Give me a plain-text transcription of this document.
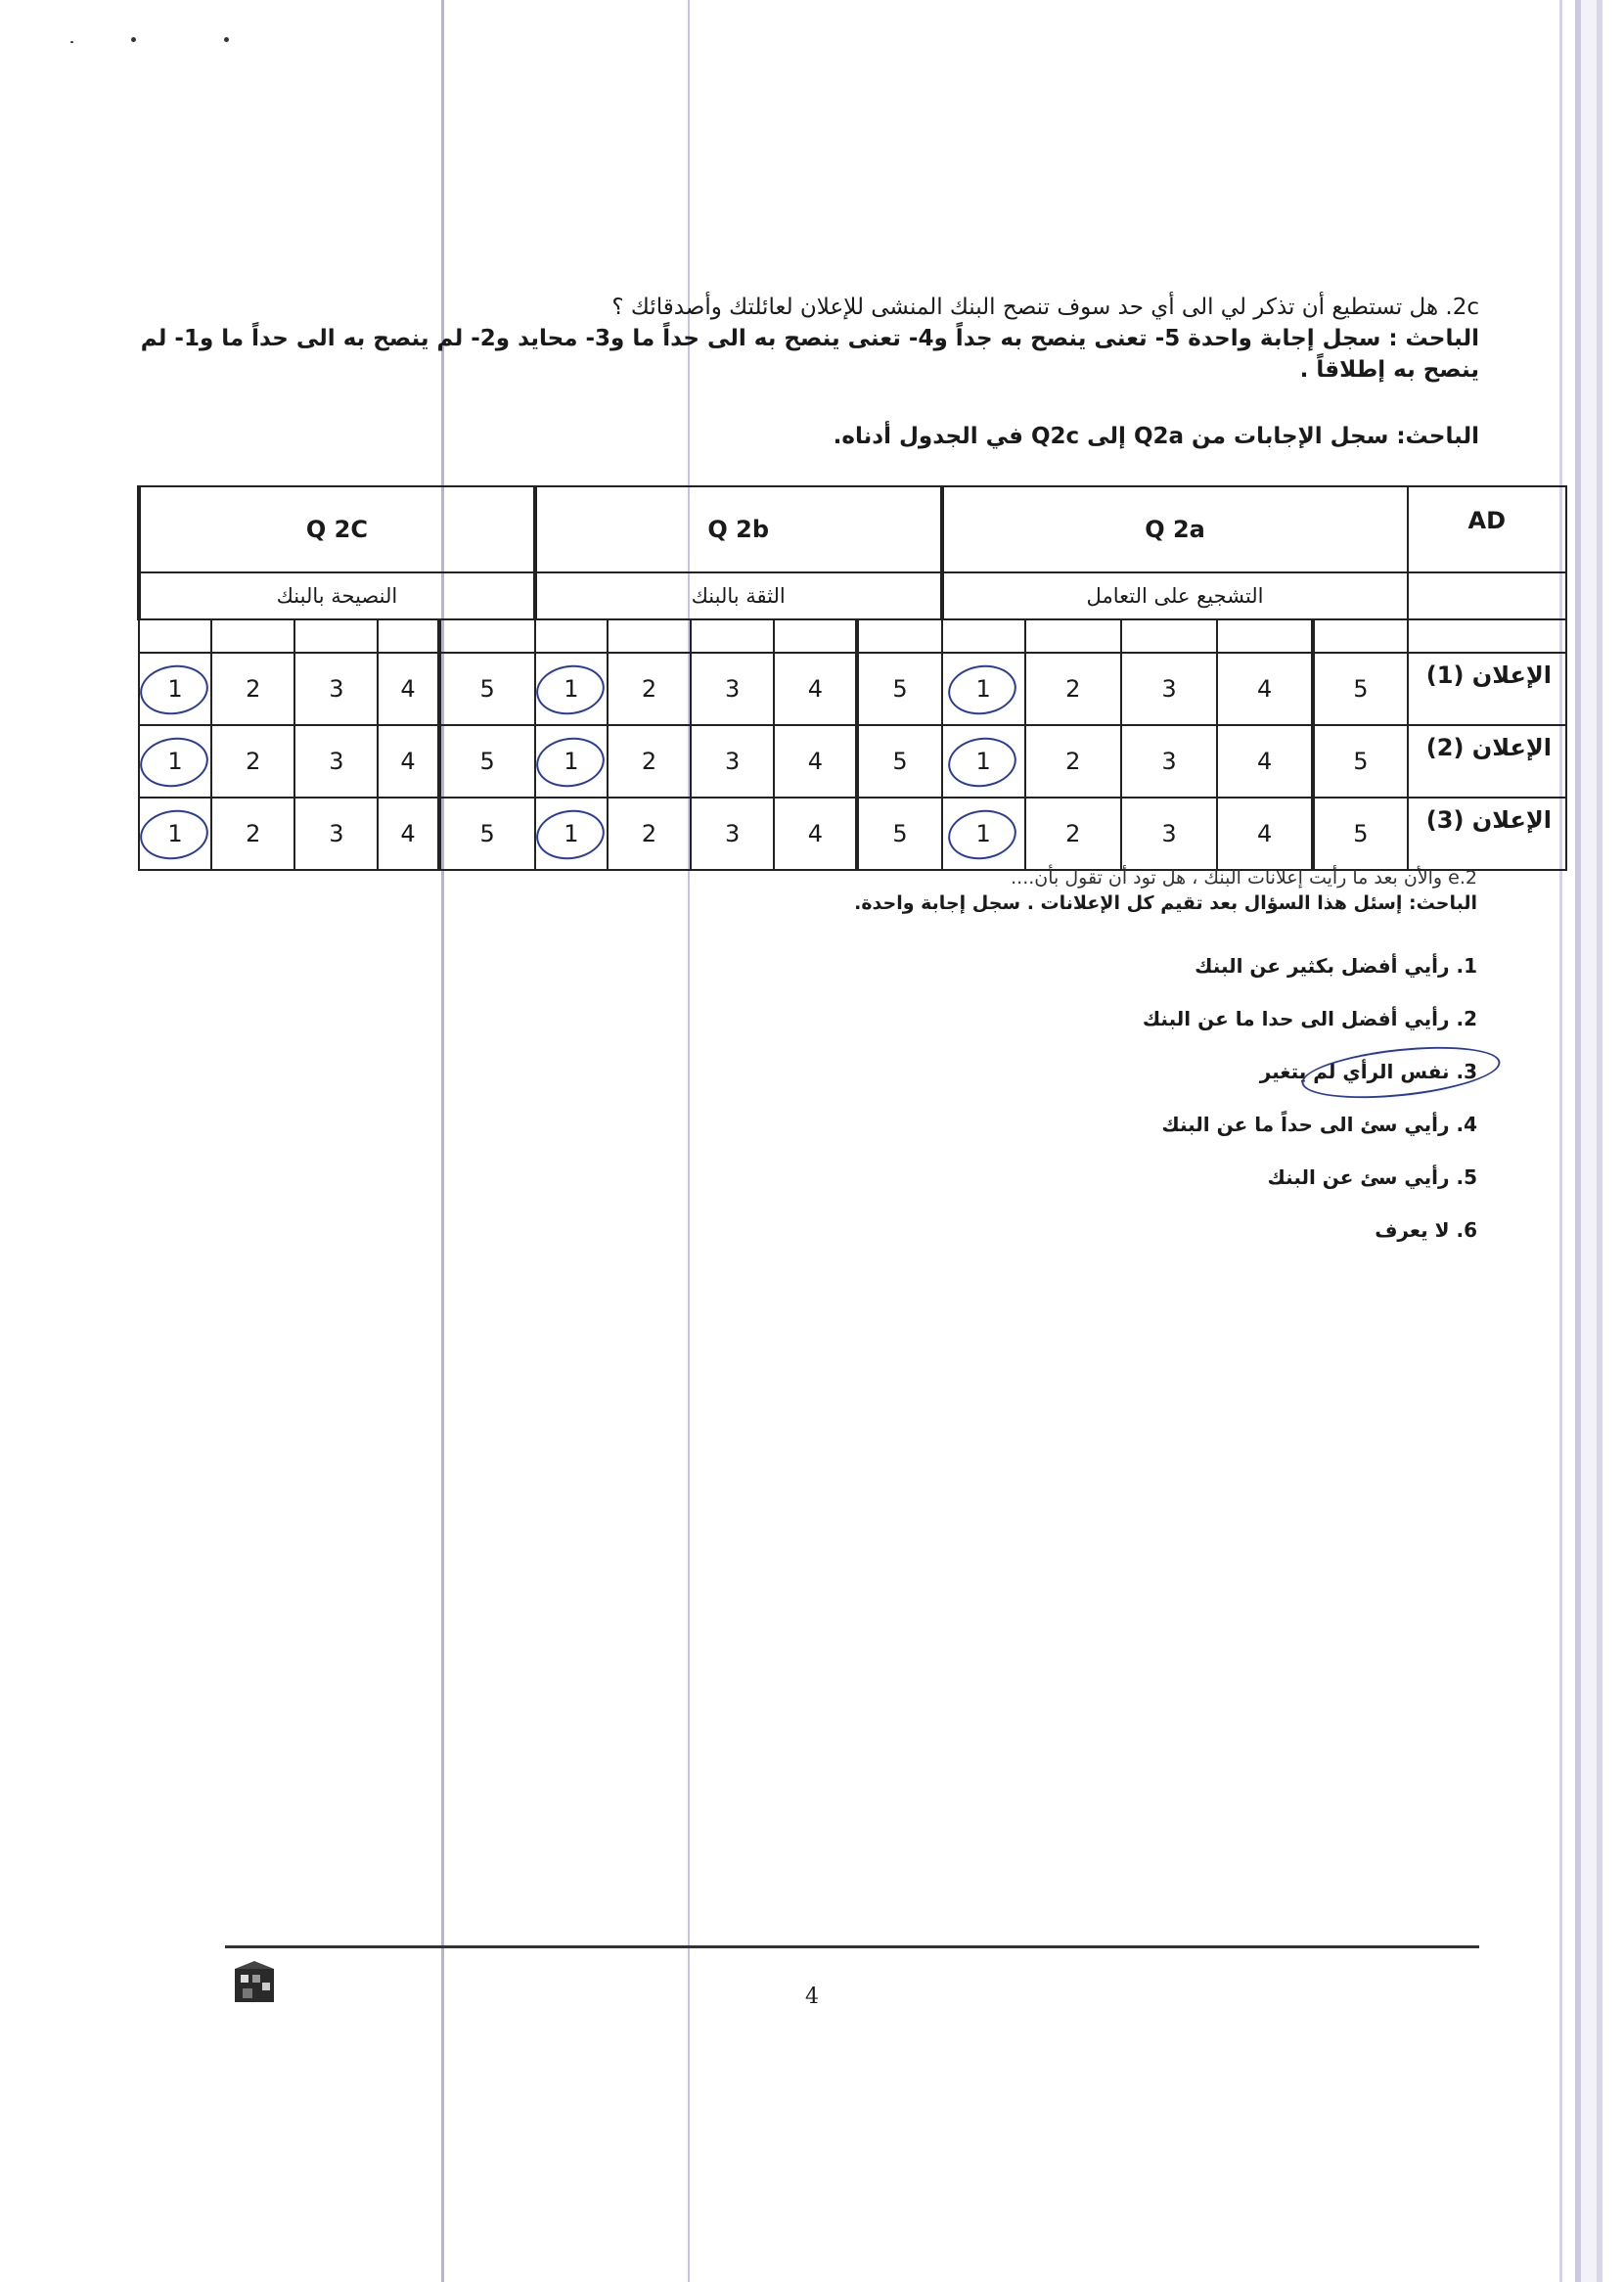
2c. هل تستطيع أن تذكر لي الى أي حد سوف تنصح البنك المنشى للإعلان لعائلتك وأصدقائك ؟
الباحث : سجل إجابة واحدة 5- تعنى ينصح به جداً و4- تعنى ينصح به الى حداً ما و3- محايد و2- لم ينصح به الى حداً ما و1- لم
ينصح به إطلاقاً .
الباحث: سجل الإجابات من Q2a إلى Q2c في الجدول أدناه.
Q 2C					Q 2b					Q 2a					AD
النصيحة بالبنك					الثقة بالبنك					التشجيع على التعامل					

1	2	3	4	5	1	2	3	4	5	1	2	3	4	5	الإعلان (1)

1	2	3	4	5	1	2	3	4	5	1	2	3	4	5	الإعلان (2)

1	2	3	4	5	1	2	3	4	5	1	2	3	4	5	الإعلان (3)
2.e والأن بعد ما رأيت إعلانات البنك ، هل تود أن تقول بأن....
الباحث: إسئل هذا السؤال بعد تقيم كل الإعلانات . سجل إجابة واحدة.
1. رأيي أفضل بكثير عن البنك
2. رأيي أفضل الى حدا ما عن البنك
3. نفس الرأي لم يتغير
4. رأيي سئ الى حداً ما عن البنك
5. رأيي سئ عن البنك
6. لا يعرف
4
